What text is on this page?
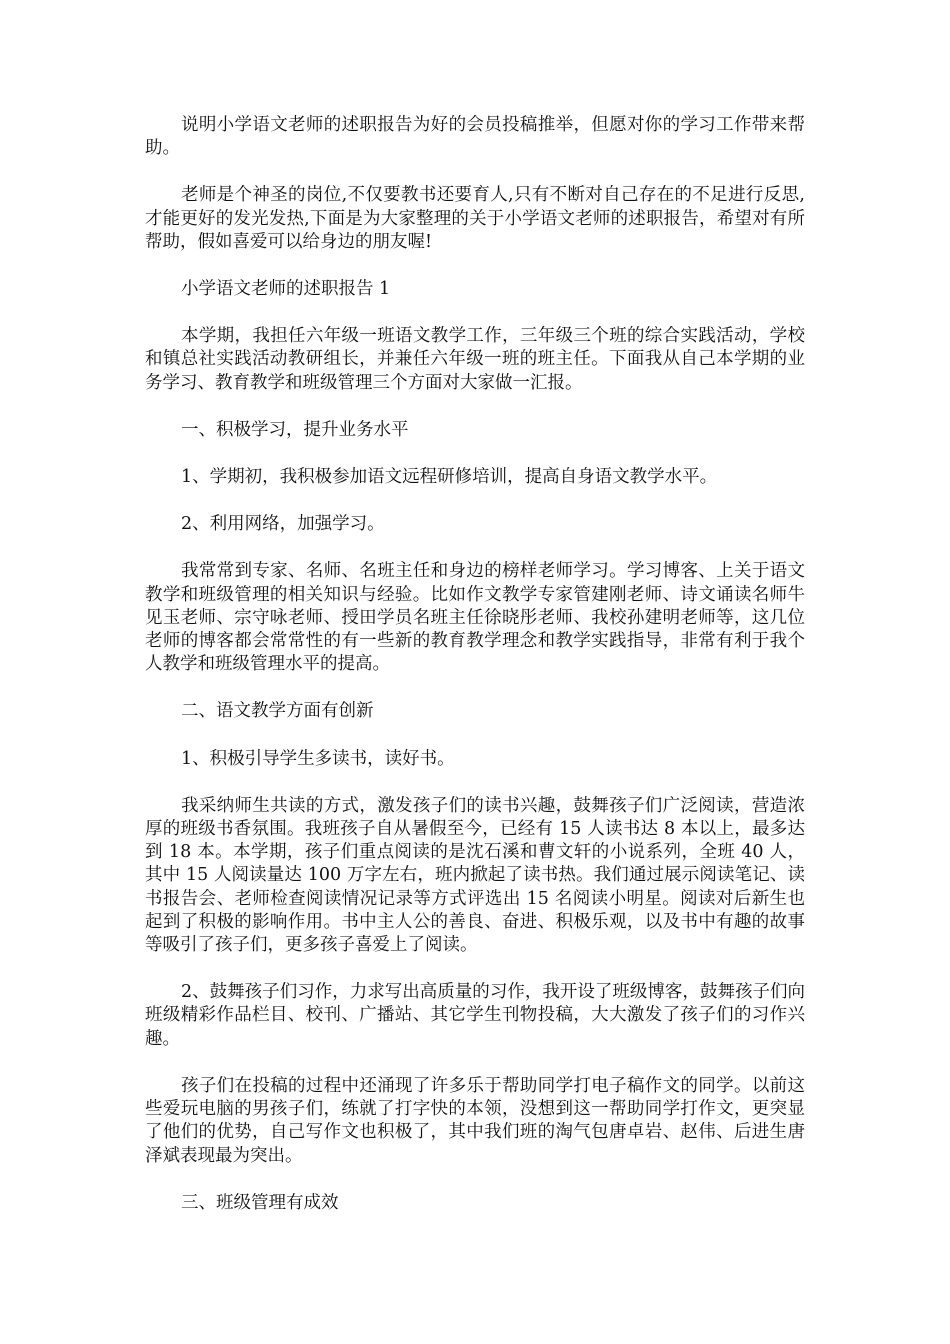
说明小学语文老师的述职报告为好的会员投稿推举，但愿对你的学习工作带来帮助。

老师是个神圣的岗位,不仅要教书还要育人,只有不断对自己存在的不足进行反思,才能更好的发光发热,下面是为大家整理的关于小学语文老师的述职报告，希望对有所帮助，假如喜爱可以给身边的朋友喔!

小学语文老师的述职报告 1

本学期，我担任六年级一班语文教学工作，三年级三个班的综合实践活动，学校和镇总社实践活动教研组长，并兼任六年级一班的班主任。下面我从自己本学期的业务学习、教育教学和班级管理三个方面对大家做一汇报。

一、积极学习，提升业务水平

1、学期初，我积极参加语文远程研修培训，提高自身语文教学水平。

2、利用网络，加强学习。

我常常到专家、名师、名班主任和身边的榜样老师学习。学习博客、上关于语文教学和班级管理的相关知识与经验。比如作文教学专家管建刚老师、诗文诵读名师牛见玉老师、宗守咏老师、授田学员名班主任徐晓彤老师、我校孙建明老师等，这几位老师的博客都会常常性的有一些新的教育教学理念和教学实践指导，非常有利于我个人教学和班级管理水平的提高。

二、语文教学方面有创新

1、积极引导学生多读书，读好书。

我采纳师生共读的方式，激发孩子们的读书兴趣，鼓舞孩子们广泛阅读，营造浓厚的班级书香氛围。我班孩子自从暑假至今，已经有 15 人读书达 8 本以上，最多达到 18 本。本学期，孩子们重点阅读的是沈石溪和曹文轩的小说系列，全班 40 人，其中 15 人阅读量达 100 万字左右，班内掀起了读书热。我们通过展示阅读笔记、读书报告会、老师检查阅读情况记录等方式评选出 15 名阅读小明星。阅读对后新生也起到了积极的影响作用。书中主人公的善良、奋进、积极乐观，以及书中有趣的故事等吸引了孩子们，更多孩子喜爱上了阅读。

2、鼓舞孩子们习作，力求写出高质量的习作，我开设了班级博客，鼓舞孩子们向班级精彩作品栏目、校刊、广播站、其它学生刊物投稿，大大激发了孩子们的习作兴趣。

孩子们在投稿的过程中还涌现了许多乐于帮助同学打电子稿作文的同学。以前这些爱玩电脑的男孩子们，练就了打字快的本领，没想到这一帮助同学打作文，更突显了他们的优势，自己写作文也积极了，其中我们班的淘气包唐卓岩、赵伟、后进生唐泽斌表现最为突出。

三、班级管理有成效
